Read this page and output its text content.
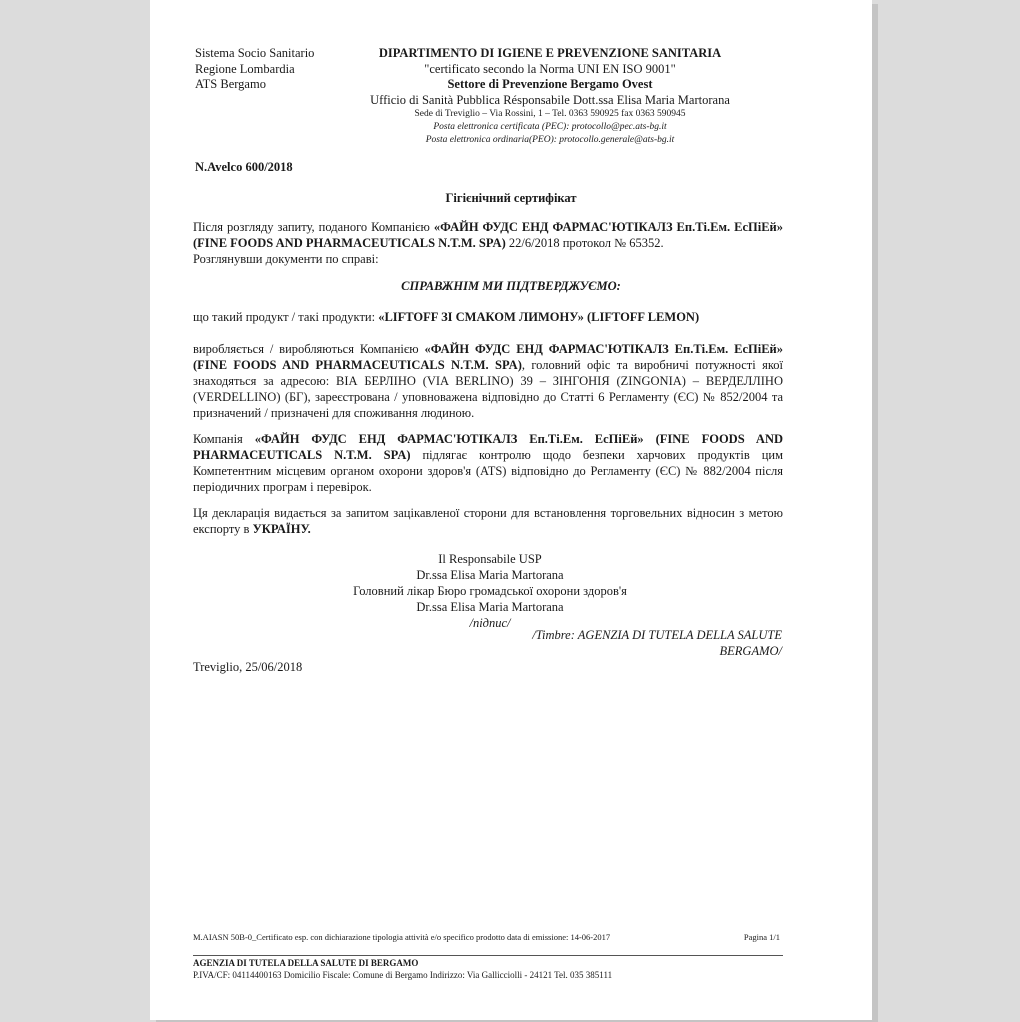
Sistema Socio Sanitario
Regione Lombardia
ATS Bergamo
DIPARTIMENTO DI IGIENE E PREVENZIONE SANITARIA
"certificato secondo la Norma UNI EN ISO 9001"
Settore di Prevenzione Bergamo Ovest
Ufficio di Sanità Pubblica Résponsabile Dott.ssa Elisa Maria Martorana
Sede di Treviglio – Via Rossini, 1 – Tel. 0363 590925 fax 0363 590945
Posta elettronica certificata (PEC): protocollo@pec.ats-bg.it
Posta elettronica ordinaria(PEO): protocollo.generale@ats-bg.it
N.Avelco 600/2018
Гігієнічний сертифікат
Після розгляду запиту, поданого Компанією «ФАЙН ФУДС ЕНД ФАРМАС'ЮТІКАЛЗ Еп.Ті.Ем. ЕсПіЕй» (FINE FOODS AND PHARMACEUTICALS N.T.M. SPA) 22/6/2018 протокол № 65352.
Розглянувши документи по справі:
СПРАВЖНІМ МИ ПІДТВЕРДЖУЄМО:
що такий продукт / такі продукти: «LIFTOFF ЗІ СМАКОМ ЛИМОНУ» (LIFTOFF LEMON)
виробляється / виробляються Компанією «ФАЙН ФУДС ЕНД ФАРМАС'ЮТІКАЛЗ Еп.Ті.Ем. ЕсПіЕй» (FINE FOODS AND PHARMACEUTICALS N.T.M. SPA), головний офіс та виробничі потужності якої знаходяться за адресою: ВІА БЕРЛІНО (VIA BERLINO) 39 – ЗІНГОНІЯ (ZINGONIA) – ВЕРДЕЛЛІНО (VERDELLINO) (БГ), зареєстрована / уповноважена відповідно до Статті 6 Регламенту (ЄС) № 852/2004 та призначений / призначені для споживання людиною.
Компанія «ФАЙН ФУДС ЕНД ФАРМАС'ЮТІКАЛЗ Еп.Ті.Ем. ЕсПіЕй» (FINE FOODS AND PHARMACEUTICALS N.T.M. SPA) підлягає контролю щодо безпеки харчових продуктів цим Компетентним місцевим органом охорони здоров'я (ATS) відповідно до Регламенту (ЄС) № 882/2004 після періодичних програм і перевірок.
Ця декларація видається за запитом зацікавленої сторони для встановлення торговельних відносин з метою експорту в УКРАЇНУ.
Il Responsabile USP
Dr.ssa Elisa Maria Martorana
Головний лікар Бюро громадської охорони здоров'я
Dr.ssa Elisa Maria Martorana
/підпис/
/Timbre: AGENZIA DI TUTELA DELLA SALUTE
BERGAMO/
Treviglio, 25/06/2018
M.AIASN 50B-0_Certificato esp. con dichiarazione tipologia attività e/o specifico prodotto data di emissione: 14-06-2017	Pagina 1/1
AGENZIA DI TUTELA DELLA SALUTE DI BERGAMO
P.IVA/CF: 04114400163 Domicilio Fiscale: Comune di Bergamo Indirizzo: Via Gallicciolli - 24121 Tel. 035 385111
